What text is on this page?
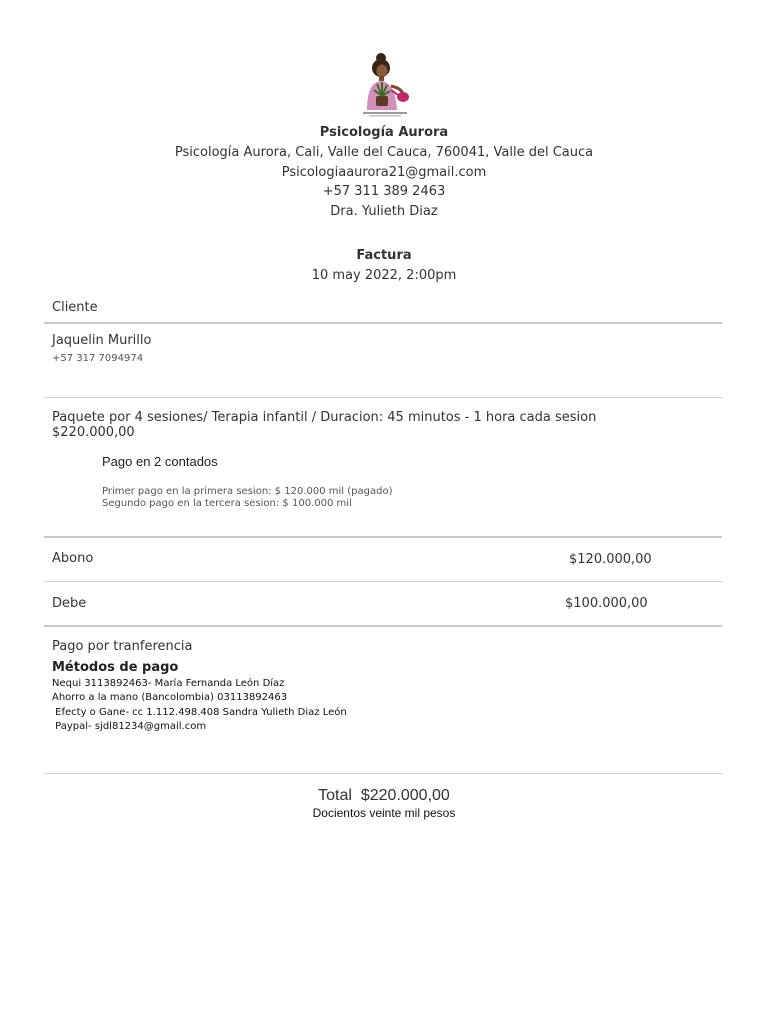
Psicología Aurora
Psicología Aurora, Cali, Valle del Cauca, 760041, Valle del Cauca
Psicologiaaurora21@gmail.com
+57 311 389 2463
Dra. Yulieth Diaz
Factura
10 may 2022, 2:00pm
Cliente
Jaquelin Murillo
+57 317 7094974
Paquete por 4 sesiones/ Terapia infantil / Duracion: 45 minutos - 1 hora cada sesion
$220.000,00
Pago en 2 contados
Primer pago en la primera sesion: $ 120.000 mil (pagado)
Segundo pago en la tercera sesion: $ 100.000 mil
Abono	$120.000,00
Debe	$100.000,00
Pago por tranferencia
Métodos de pago
Nequi 3113892463- María Fernanda León Díaz
Ahorro a la mano (Bancolombia) 03113892463
Efecty o Gane- cc 1.112.498.408 Sandra Yulieth Diaz León
Paypal- sjdl81234@gmail.com
Total $220.000,00
Docientos veinte mil pesos
